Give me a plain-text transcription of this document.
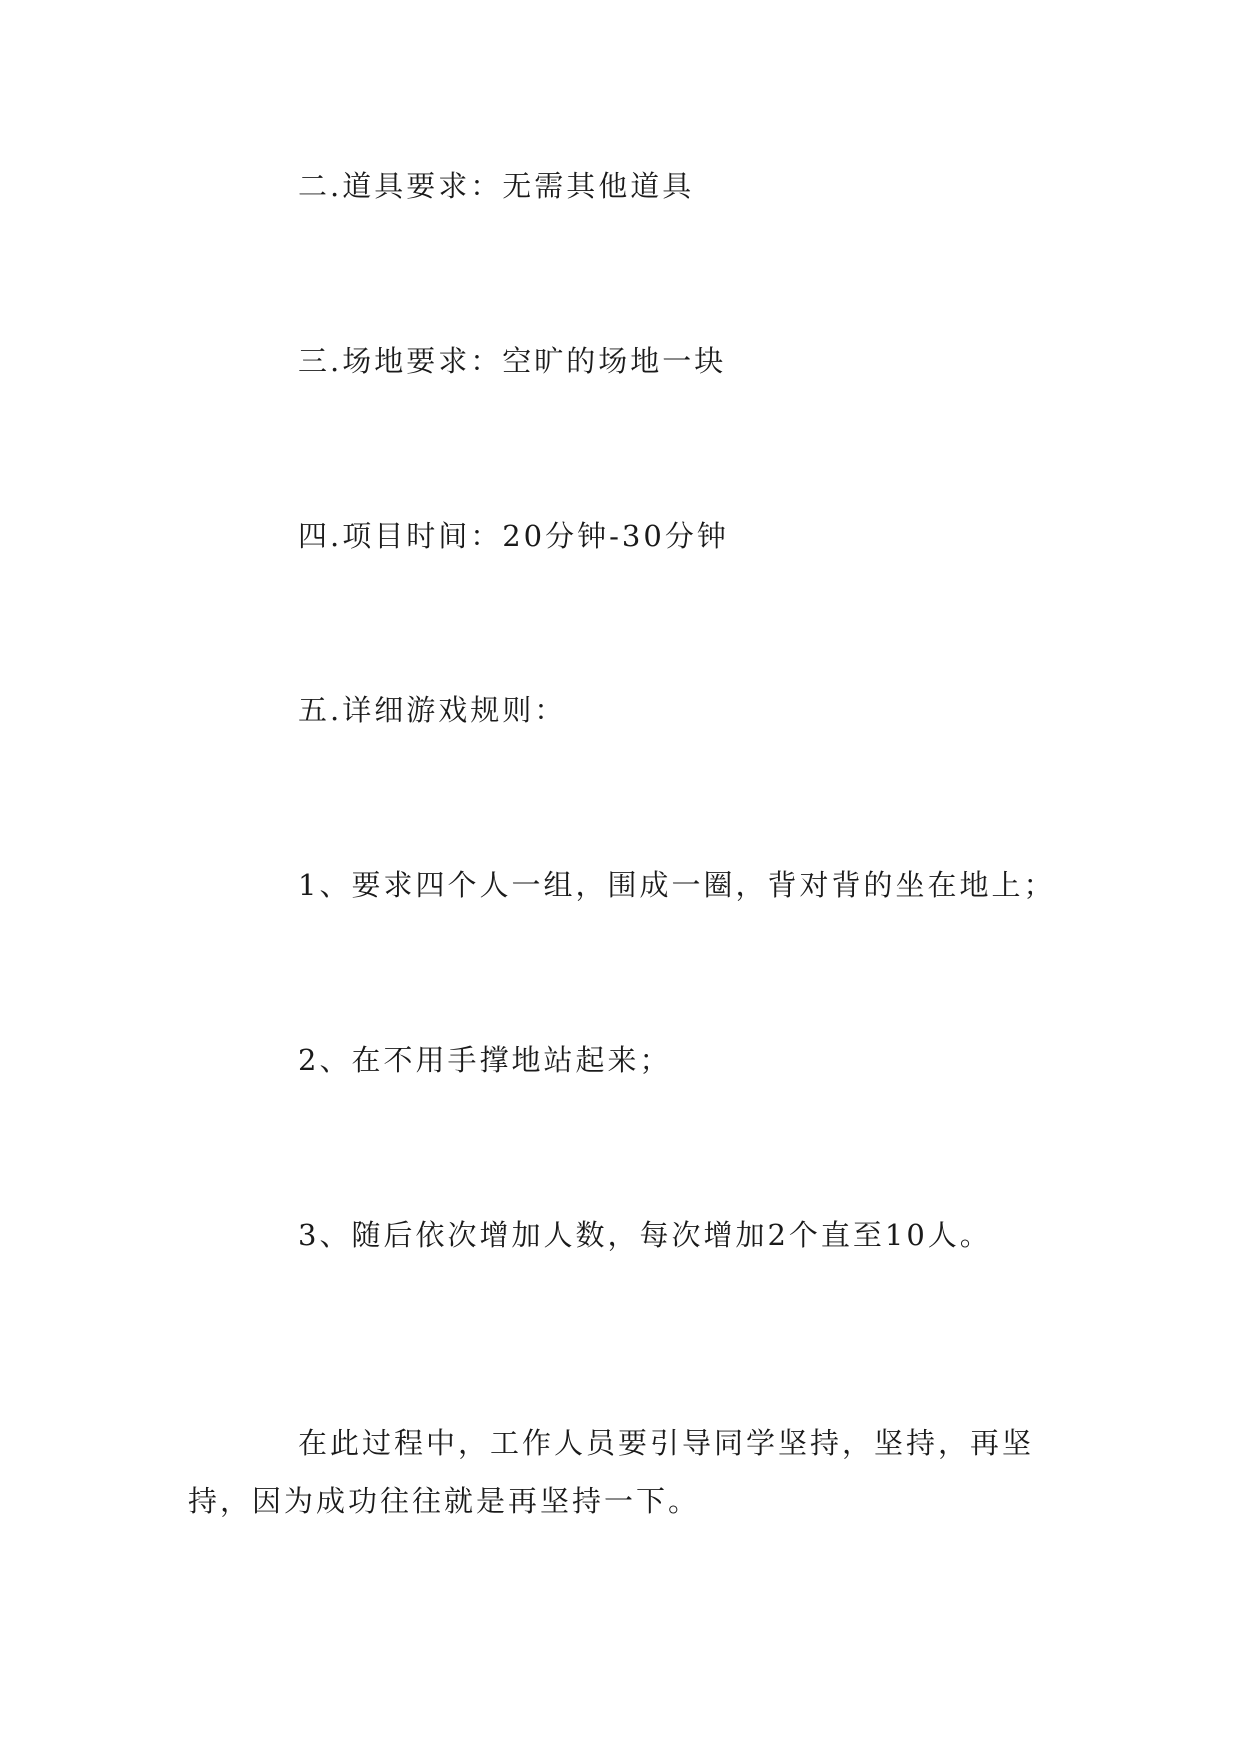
二.道具要求：无需其他道具
三.场地要求：空旷的场地一块
四.项目时间：20分钟-30分钟
五.详细游戏规则：
1、要求四个人一组，围成一圈，背对背的坐在地上；
2、在不用手撑地站起来；
3、随后依次增加人数，每次增加2个直至10人。

在此过程中，工作人员要引导同学坚持，坚持，再坚持，因为成功往往就是再坚持一下。
